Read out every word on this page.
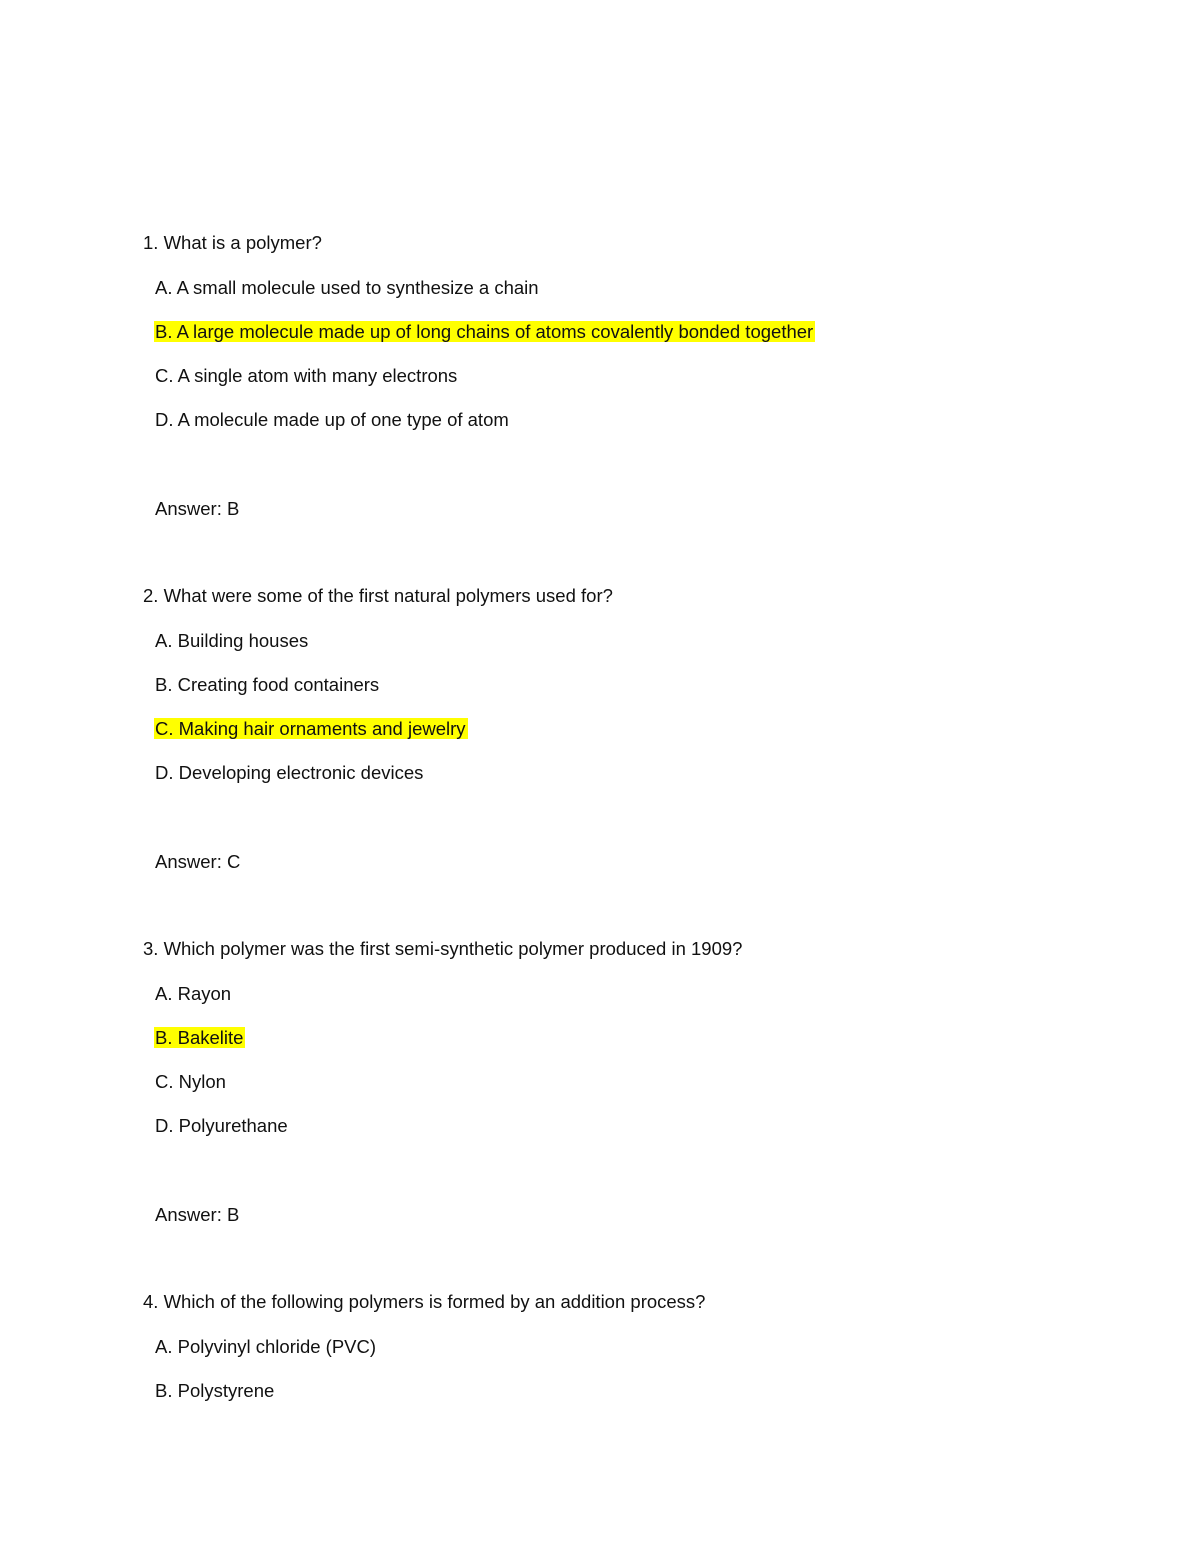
1. What is a polymer?
A. A small molecule used to synthesize a chain
B. A large molecule made up of long chains of atoms covalently bonded together
C. A single atom with many electrons
D. A molecule made up of one type of atom
Answer: B
2. What were some of the first natural polymers used for?
A. Building houses
B. Creating food containers
C. Making hair ornaments and jewelry
D. Developing electronic devices
Answer: C
3. Which polymer was the first semi-synthetic polymer produced in 1909?
A. Rayon
B. Bakelite
C. Nylon
D. Polyurethane
Answer: B
4. Which of the following polymers is formed by an addition process?
A. Polyvinyl chloride (PVC)
B. Polystyrene
